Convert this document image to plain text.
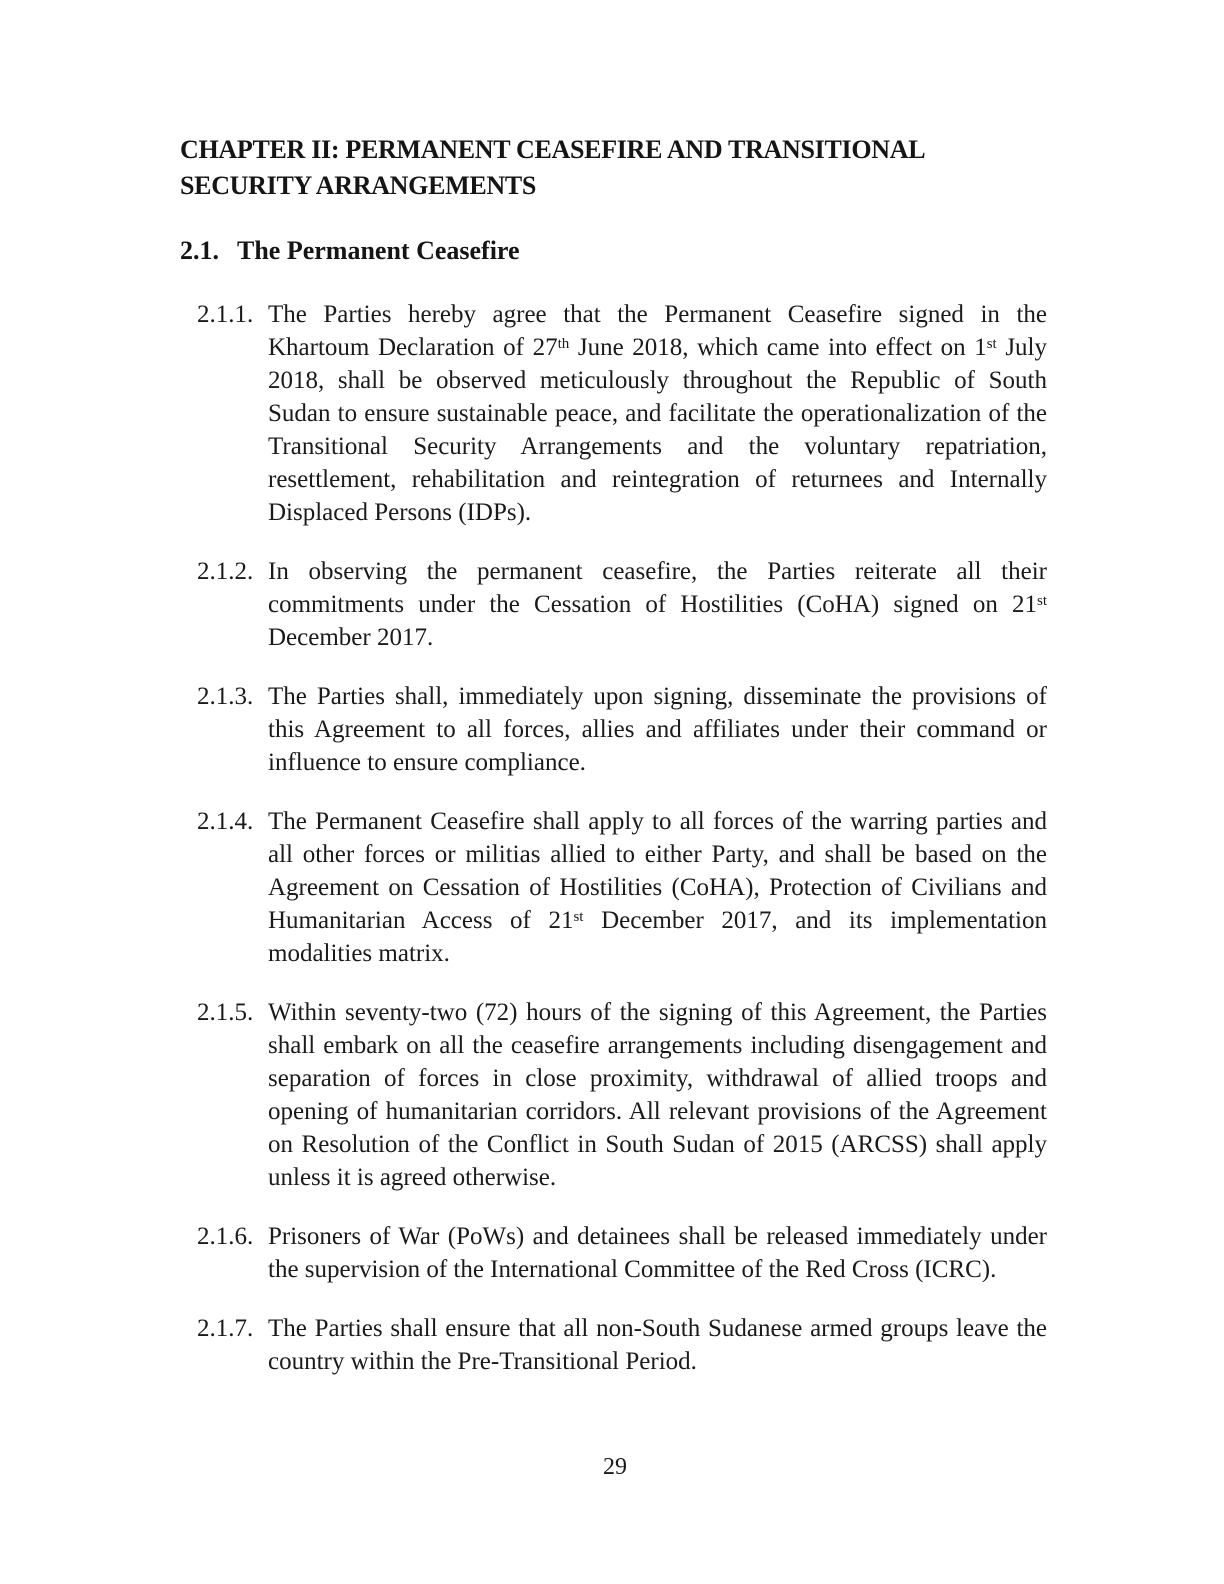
CHAPTER II: PERMANENT CEASEFIRE AND TRANSITIONAL SECURITY ARRANGEMENTS
2.1. The Permanent Ceasefire
2.1.1. The Parties hereby agree that the Permanent Ceasefire signed in the Khartoum Declaration of 27th June 2018, which came into effect on 1st July 2018, shall be observed meticulously throughout the Republic of South Sudan to ensure sustainable peace, and facilitate the operationalization of the Transitional Security Arrangements and the voluntary repatriation, resettlement, rehabilitation and reintegration of returnees and Internally Displaced Persons (IDPs).
2.1.2. In observing the permanent ceasefire, the Parties reiterate all their commitments under the Cessation of Hostilities (CoHA) signed on 21st December 2017.
2.1.3. The Parties shall, immediately upon signing, disseminate the provisions of this Agreement to all forces, allies and affiliates under their command or influence to ensure compliance.
2.1.4. The Permanent Ceasefire shall apply to all forces of the warring parties and all other forces or militias allied to either Party, and shall be based on the Agreement on Cessation of Hostilities (CoHA), Protection of Civilians and Humanitarian Access of 21st December 2017, and its implementation modalities matrix.
2.1.5. Within seventy-two (72) hours of the signing of this Agreement, the Parties shall embark on all the ceasefire arrangements including disengagement and separation of forces in close proximity, withdrawal of allied troops and opening of humanitarian corridors. All relevant provisions of the Agreement on Resolution of the Conflict in South Sudan of 2015 (ARCSS) shall apply unless it is agreed otherwise.
2.1.6. Prisoners of War (PoWs) and detainees shall be released immediately under the supervision of the International Committee of the Red Cross (ICRC).
2.1.7. The Parties shall ensure that all non-South Sudanese armed groups leave the country within the Pre-Transitional Period.
29
